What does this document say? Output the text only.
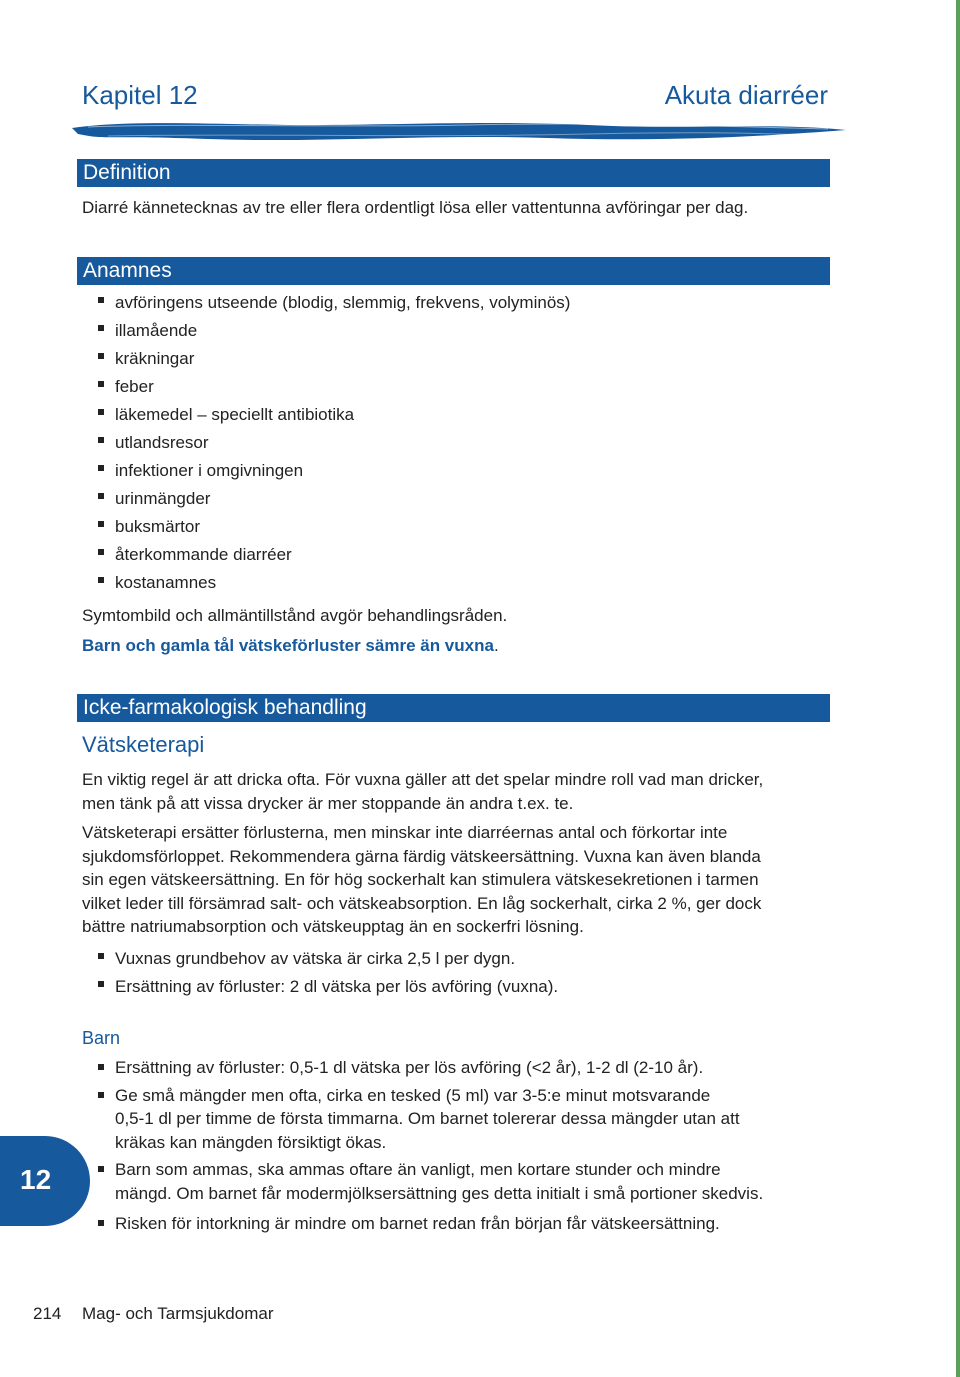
Kapitel 12	Akuta diarréer
Definition
Diarré kännetecknas av tre eller flera ordentligt lösa eller vattentunna avföringar per dag.
Anamnes
avföringens utseende (blodig, slemmig, frekvens, volyminös)
illamående
kräkningar
feber
läkemedel – speciellt antibiotika
utlandsresor
infektioner i omgivningen
urinmängder
buksmärtor
återkommande diarréer
kostanamnes
Symtombild och allmäntillstånd avgör behandlingsråden.
Barn och gamla tål vätskeförluster sämre än vuxna.
Icke-farmakologisk behandling
Vätsketerapi
En viktig regel är att dricka ofta. För vuxna gäller att det spelar mindre roll vad man dricker,
men tänk på att vissa drycker är mer stoppande än andra t.ex. te.
Vätsketerapi ersätter förlusterna, men minskar inte diarréernas antal och förkortar inte
sjukdomsförloppet. Rekommendera gärna färdig vätskeersättning. Vuxna kan även blanda
sin egen vätskeersättning. En för hög sockerhalt kan stimulera vätskesekretionen i tarmen
vilket leder till försämrad salt- och vätskeabsorption. En låg sockerhalt, cirka 2 %, ger dock
bättre natriumabsorption och vätskeupptag än en sockerfri lösning.
Vuxnas grundbehov av vätska är cirka 2,5 l per dygn.
Ersättning av förluster: 2 dl vätska per lös avföring (vuxna).
Barn
Ersättning av förluster: 0,5-1 dl vätska per lös avföring (<2 år), 1-2 dl (2-10 år).
Ge små mängder men ofta, cirka en tesked (5 ml) var 3-5:e minut motsvarande
0,5-1 dl per timme de första timmarna. Om barnet tolererar dessa mängder utan att
kräkas kan mängden försiktigt ökas.
Barn som ammas, ska ammas oftare än vanligt, men kortare stunder och mindre
mängd. Om barnet får modermjölksersättning ges detta initialt i små portioner skedvis.
Risken för intorkning är mindre om barnet redan från början får vätskeersättning.
12
214 Mag- och Tarmsjukdomar
